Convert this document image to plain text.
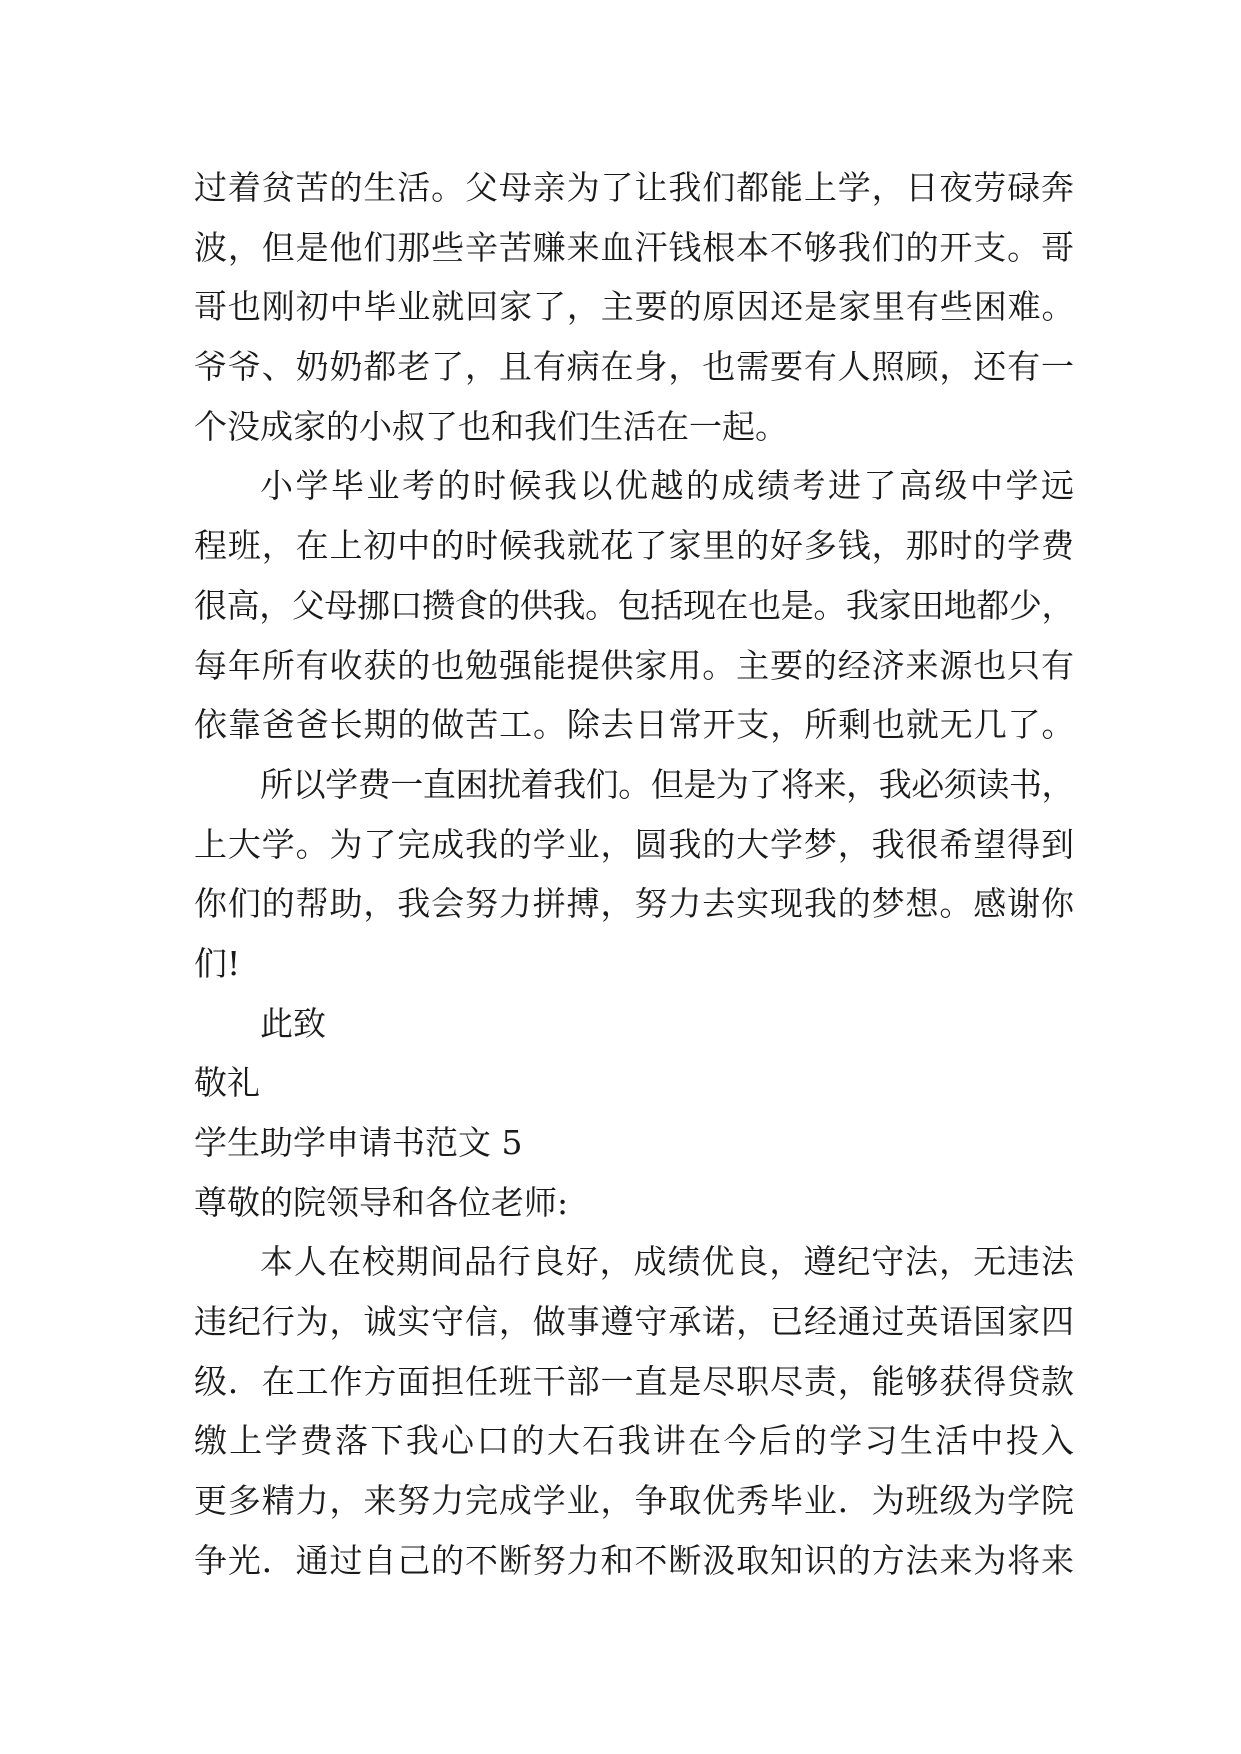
过着贫苦的生活。父母亲为了让我们都能上学，日夜劳碌奔
波，但是他们那些辛苦赚来血汗钱根本不够我们的开支。哥
哥也刚初中毕业就回家了，主要的原因还是家里有些困难。
爷爷、奶奶都老了，且有病在身，也需要有人照顾，还有一
个没成家的小叔了也和我们生活在一起。
小学毕业考的时候我以优越的成绩考进了高级中学远
程班，在上初中的时候我就花了家里的好多钱，那时的学费
很高，父母挪口攒食的供我。包括现在也是。我家田地都少，
每年所有收获的也勉强能提供家用。主要的经济来源也只有
依靠爸爸长期的做苦工。除去日常开支，所剩也就无几了。
所以学费一直困扰着我们。但是为了将来，我必须读书，
上大学。为了完成我的学业，圆我的大学梦，我很希望得到
你们的帮助，我会努力拼搏，努力去实现我的梦想。感谢你
们!
此致
敬礼
学生助学申请书范文 5
尊敬的院领导和各位老师:
本人在校期间品行良好，成绩优良，遵纪守法，无违法
违纪行为，诚实守信，做事遵守承诺，已经通过英语国家四
级．在工作方面担任班干部一直是尽职尽责，能够获得贷款
缴上学费落下我心口的大石我讲在今后的学习生活中投入
更多精力，来努力完成学业，争取优秀毕业．为班级为学院
争光．通过自己的不断努力和不断汲取知识的方法来为将来
